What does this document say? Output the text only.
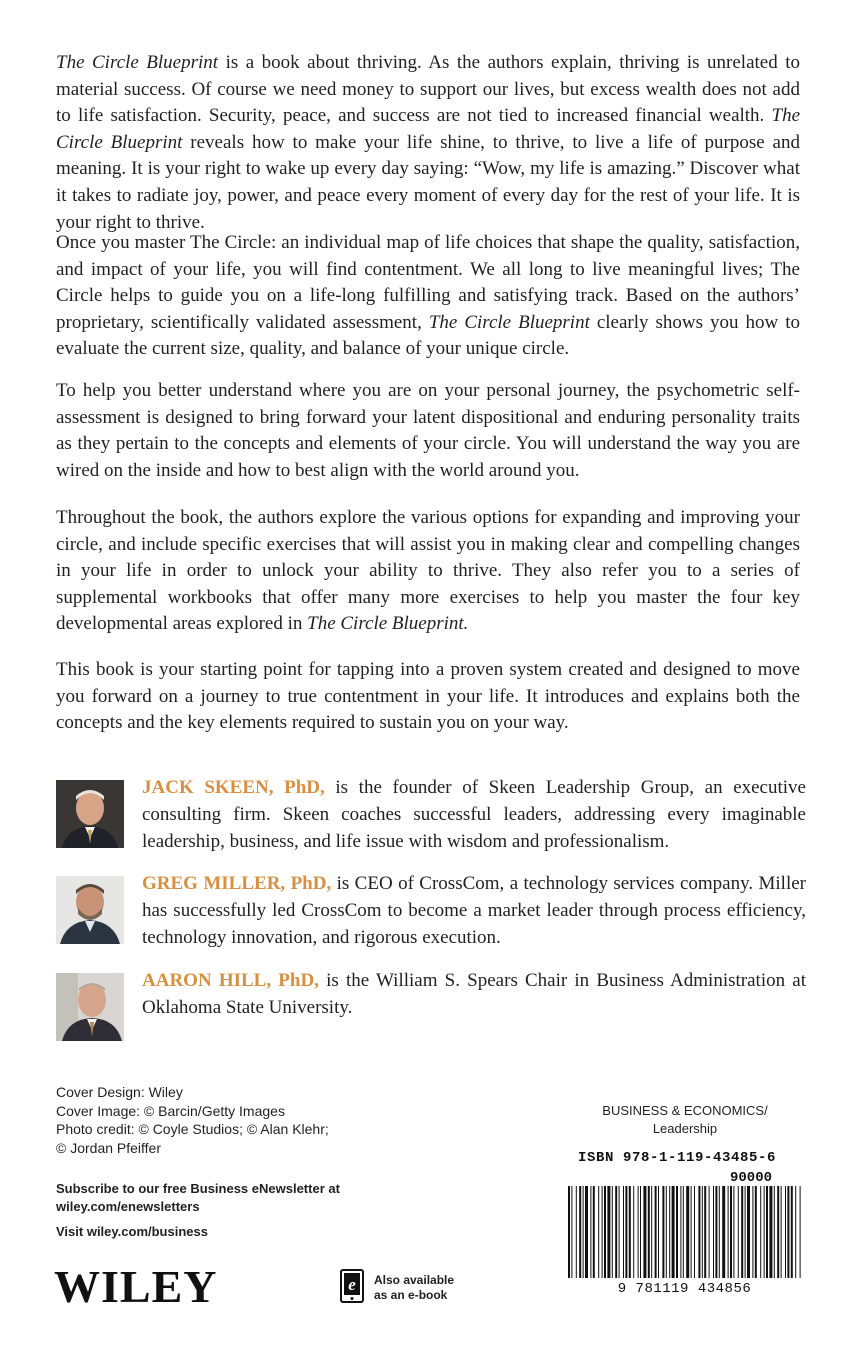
The Circle Blueprint is a book about thriving. As the authors explain, thriving is unrelated to material success. Of course we need money to support our lives, but excess wealth does not add to life satisfaction. Security, peace, and success are not tied to increased financial wealth. The Circle Blueprint reveals how to make your life shine, to thrive, to live a life of purpose and meaning. It is your right to wake up every day saying: “Wow, my life is amazing.” Discover what it takes to radiate joy, power, and peace every moment of every day for the rest of your life. It is your right to thrive.

Once you master The Circle: an individual map of life choices that shape the quality, satisfaction, and impact of your life, you will find contentment. We all long to live meaningful lives; The Circle helps to guide you on a life-long fulfilling and satisfying track. Based on the authors’ proprietary, scientifically validated assessment, The Circle Blueprint clearly shows you how to evaluate the current size, quality, and balance of your unique circle.

To help you better understand where you are on your personal journey, the psychometric self-assessment is designed to bring forward your latent dispositional and enduring personality traits as they pertain to the concepts and elements of your circle. You will understand the way you are wired on the inside and how to best align with the world around you.

Throughout the book, the authors explore the various options for expanding and improving your circle, and include specific exercises that will assist you in making clear and compelling changes in your life in order to unlock your ability to thrive. They also refer you to a series of supplemental workbooks that offer many more exercises to help you master the four key developmental areas explored in The Circle Blueprint.

This book is your starting point for tapping into a proven system created and designed to move you forward on a journey to true contentment in your life. It introduces and explains both the concepts and the key elements required to sustain you on your way.

JACK SKEEN, PhD, is the founder of Skeen Leadership Group, an executive consulting firm. Skeen coaches successful leaders, addressing every imaginable leadership, business, and life issue with wisdom and professionalism.

GREG MILLER, PhD, is CEO of CrossCom, a technology services company. Miller has successfully led CrossCom to become a market leader through process efficiency, technology innovation, and rigorous execution.

AARON HILL, PhD, is the William S. Spears Chair in Business Administration at Oklahoma State University.

Cover Design: Wiley
Cover Image: © Barcin/Getty Images
Photo credit: © Coyle Studios; © Alan Klehr;
© Jordan Pfeiffer
Subscribe to our free Business eNewsletter at
wiley.com/enewsletters
Visit wiley.com/business
WILEY	e Also available
as an e-book
BUSINESS & ECONOMICS/
Leadership
ISBN 978-1-119-43485-6
90000
9 781119 434856
